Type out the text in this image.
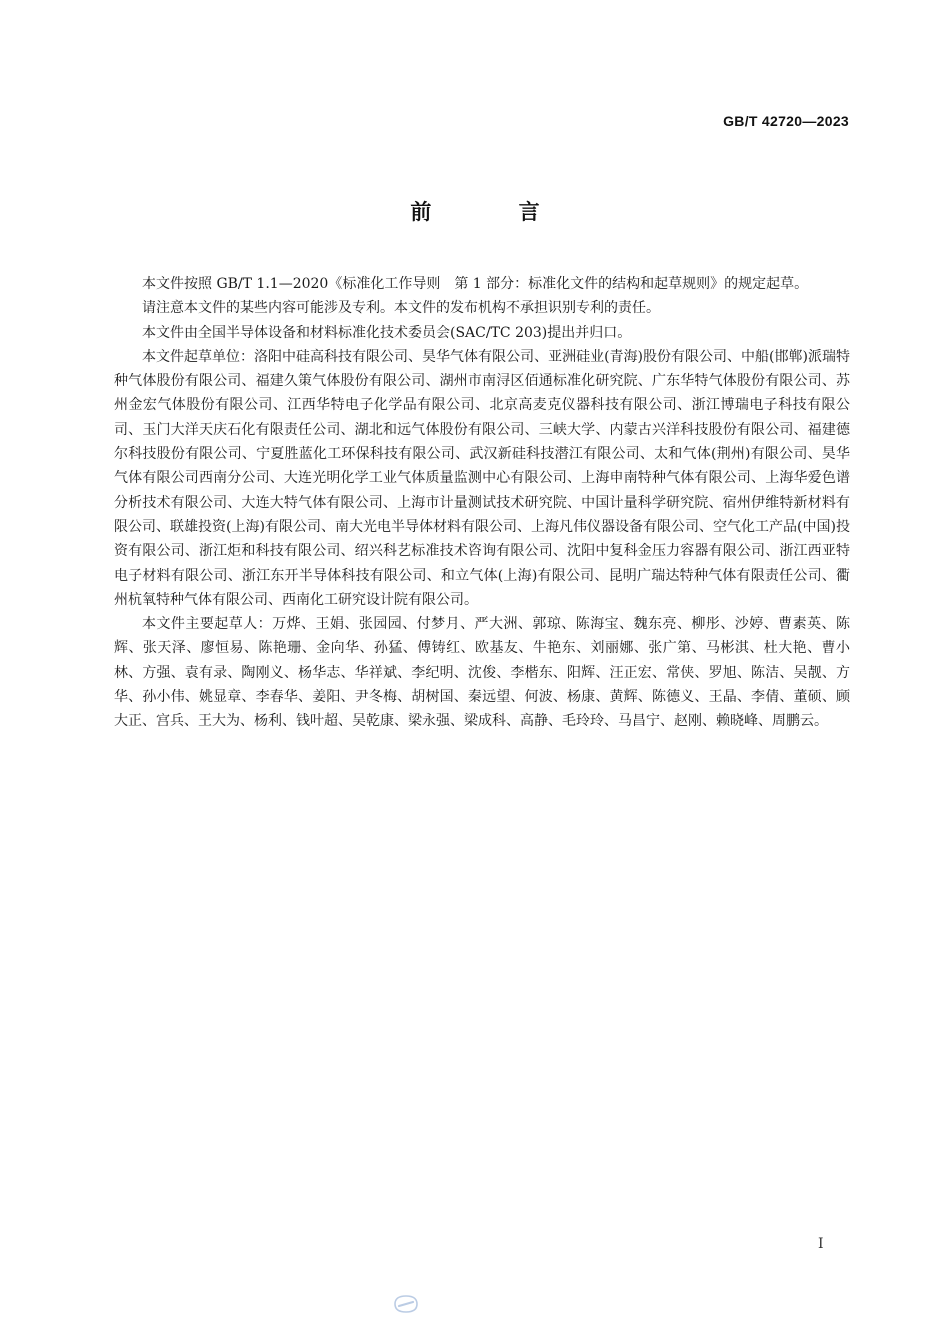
GB/T 42720—2023
前 言

本文件按照 GB/T 1.1—2020《标准化工作导则　第 1 部分：标准化文件的结构和起草规则》的规定起草。

请注意本文件的某些内容可能涉及专利。本文件的发布机构不承担识别专利的责任。

本文件由全国半导体设备和材料标准化技术委员会(SAC/TC 203)提出并归口。

本文件起草单位：洛阳中硅高科技有限公司、昊华气体有限公司、亚洲硅业(青海)股份有限公司、中船(邯郸)派瑞特种气体股份有限公司、福建久策气体股份有限公司、湖州市南浔区佰通标准化研究院、广东华特气体股份有限公司、苏州金宏气体股份有限公司、江西华特电子化学品有限公司、北京高麦克仪器科技有限公司、浙江博瑞电子科技有限公司、玉门大洋天庆石化有限责任公司、湖北和远气体股份有限公司、三峡大学、内蒙古兴洋科技股份有限公司、福建德尔科技股份有限公司、宁夏胜蓝化工环保科技有限公司、武汉新硅科技潜江有限公司、太和气体(荆州)有限公司、昊华气体有限公司西南分公司、大连光明化学工业气体质量监测中心有限公司、上海申南特种气体有限公司、上海华爱色谱分析技术有限公司、大连大特气体有限公司、上海市计量测试技术研究院、中国计量科学研究院、宿州伊维特新材料有限公司、联雄投资(上海)有限公司、南大光电半导体材料有限公司、上海凡伟仪器设备有限公司、空气化工产品(中国)投资有限公司、浙江炬和科技有限公司、绍兴科艺标准技术咨询有限公司、沈阳中复科金压力容器有限公司、浙江西亚特电子材料有限公司、浙江东开半导体科技有限公司、和立气体(上海)有限公司、昆明广瑞达特种气体有限责任公司、衢州杭氧特种气体有限公司、西南化工研究设计院有限公司。

本文件主要起草人：万烨、王娟、张园园、付梦月、严大洲、郭琼、陈海宝、魏东亮、柳彤、沙婷、曹素英、陈辉、张天泽、廖恒易、陈艳珊、金向华、孙猛、傅铸红、欧基友、牛艳东、刘丽娜、张广第、马彬淇、杜大艳、曹小林、方强、袁有录、陶刚义、杨华志、华祥斌、李纪明、沈俊、李楷东、阳辉、汪正宏、常侠、罗旭、陈洁、吴靓、方华、孙小伟、姚显章、李春华、姜阳、尹冬梅、胡树国、秦远望、何波、杨康、黄辉、陈德义、王晶、李倩、董硕、顾大正、宫兵、王大为、杨利、钱叶超、吴乾康、梁永强、梁成科、高静、毛玲玲、马昌宁、赵刚、赖晓峰、周鹏云。

I
